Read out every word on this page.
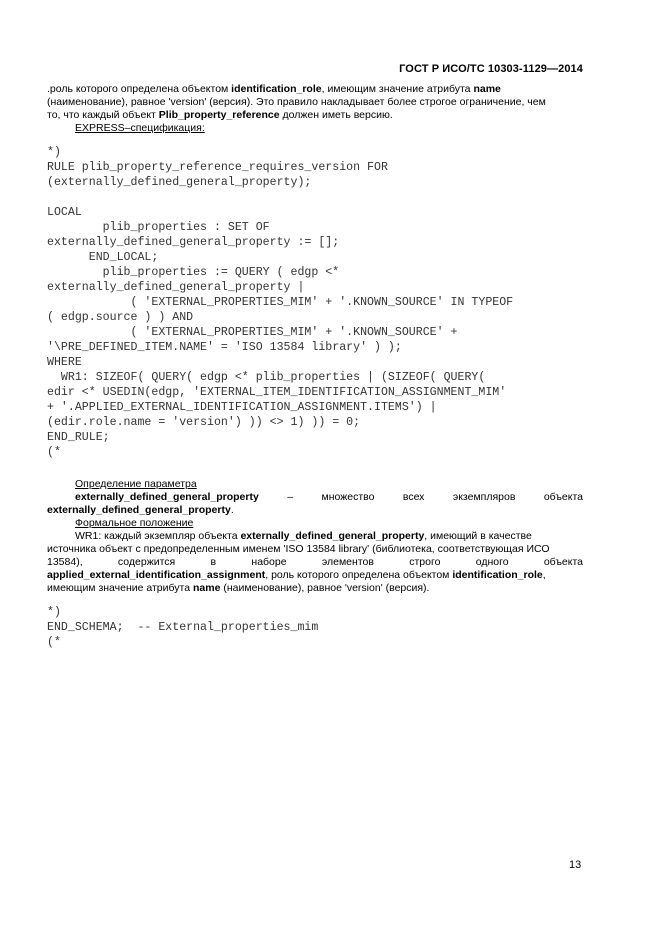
ГОСТ Р ИСО/ТС 10303-1129—2014

.роль которого определена объектом identification_role, имеющим значение атрибута name

(наименование), равное 'version' (версия). Это правило накладывает более строгое ограничение, чем

то, что каждый объект Plib_property_reference должен иметь версию.

EXPRESS–спецификация:

*)
RULE plib_property_reference_requires_version FOR
(externally_defined_general_property);

LOCAL
plib_properties : SET OF
externally_defined_general_property := [];
END_LOCAL;
plib_properties := QUERY ( edgp <*
externally_defined_general_property |
( 'EXTERNAL_PROPERTIES_MIM' + '.KNOWN_SOURCE' IN TYPEOF
( edgp.source ) ) AND
( 'EXTERNAL_PROPERTIES_MIM' + '.KNOWN_SOURCE' +
'\PRE_DEFINED_ITEM.NAME' = 'ISO 13584 library' ) );
WHERE
WR1: SIZEOF( QUERY( edgp <* plib_properties | (SIZEOF( QUERY(
edir <* USEDIN(edgp, 'EXTERNAL_ITEM_IDENTIFICATION_ASSIGNMENT_MIM'
+ '.APPLIED_EXTERNAL_IDENTIFICATION_ASSIGNMENT.ITEMS') |
(edir.role.name = 'version') )) <> 1) )) = 0;
END_RULE;
(*

Определение параметра

externally_defined_general_property	–	множество	всех	экземпляров	объекта

externally_defined_general_property.

Формальное положение

WR1: каждый экземпляр объекта externally_defined_general_property, имеющий в качестве

источника объект с предопределенным именем 'ISO 13584 library' (библиотека, соответствующая ИСО

13584),	содержится	в	наборе	элементов	строго	одного	объекта

applied_external_identification_assignment, роль которого определена объектом identification_role,

имеющим значение атрибута name (наименование), равное 'version' (версия).

*)
END_SCHEMA;  -- External_properties_mim
(*
13
